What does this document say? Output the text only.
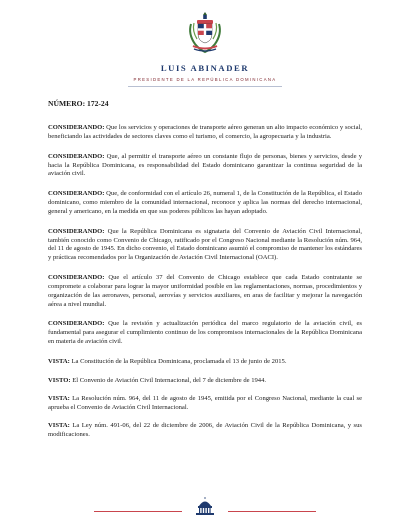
LUIS ABINADER
PRESIDENTE DE LA REPÚBLICA DOMINICANA
NÚMERO: 172-24

CONSIDERANDO: Que los servicios y operaciones de transporte aéreo generan un alto impacto económico y social, beneficiando las actividades de sectores claves como el turismo, el comercio, la agropecuaria y la industria.

CONSIDERANDO: Que, al permitir el transporte aéreo un constante flujo de personas, bienes y servicios, desde y hacia la República Dominicana, es responsabilidad del Estado dominicano garantizar la continua seguridad de la aviación civil.

CONSIDERANDO: Que, de conformidad con el artículo 26, numeral 1, de la Constitución de la República, el Estado dominicano, como miembro de la comunidad internacional, reconoce y aplica las normas del derecho internacional, general y americano, en la medida en que sus poderes públicos las hayan adoptado.

CONSIDERANDO: Que la República Dominicana es signataria del Convenio de Aviación Civil Internacional, también conocido como Convenio de Chicago, ratificado por el Congreso Nacional mediante la Resolución núm. 964, del 11 de agosto de 1945. En dicho convenio, el Estado dominicano asumió el compromiso de mantener los estándares y prácticas recomendados por la Organización de Aviación Civil Internacional (OACI).

CONSIDERANDO: Que el artículo 37 del Convenio de Chicago establece que cada Estado contratante se compromete a colaborar para lograr la mayor uniformidad posible en las reglamentaciones, normas, procedimientos y organización de las aeronaves, personal, aerovías y servicios auxiliares, en aras de facilitar y mejorar la navegación aérea a nivel mundial.

CONSIDERANDO: Que la revisión y actualización periódica del marco regulatorio de la aviación civil, es fundamental para asegurar el cumplimiento continuo de los compromisos internacionales de la República Dominicana en materia de aviación civil.

VISTA: La Constitución de la República Dominicana, proclamada el 13 de junio de 2015.

VISTO: El Convenio de Aviación Civil Internacional, del 7 de diciembre de 1944.

VISTA: La Resolución núm. 964, del 11 de agosto de 1945, emitida por el Congreso Nacional, mediante la cual se aprueba el Convenio de Aviación Civil Internacional.

VISTA: La Ley núm. 491-06, del 22 de diciembre de 2006, de Aviación Civil de la República Dominicana, y sus modificaciones.
